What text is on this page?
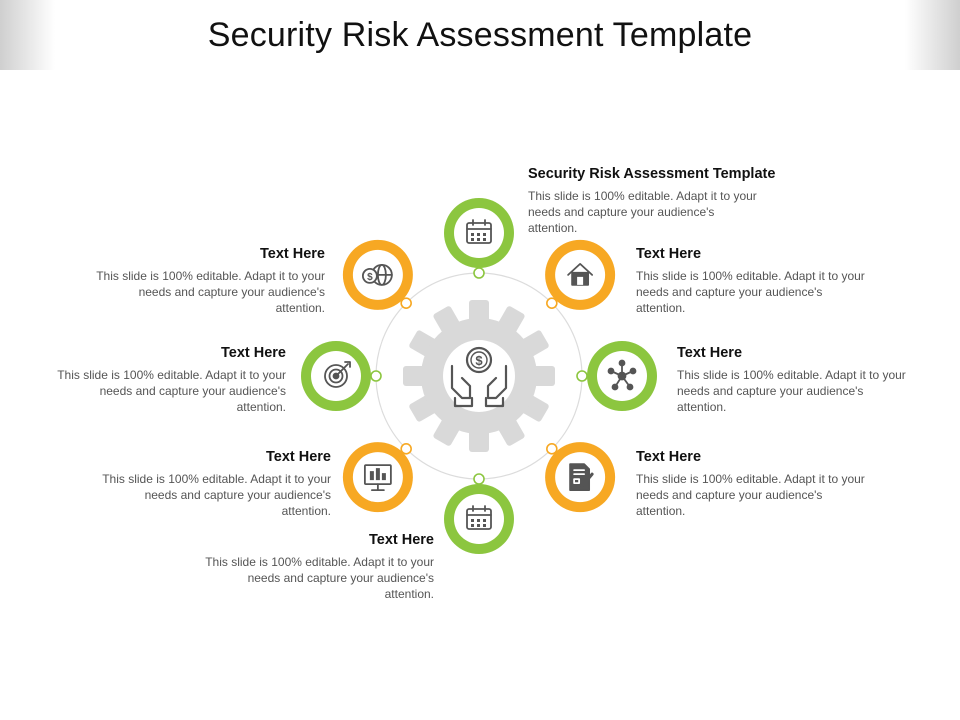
Security Risk Assessment Template
$
$
Security Risk Assessment Template
This slide is 100% editable. Adapt it to your needs and capture your audience's attention.
Text Here
This slide is 100% editable. Adapt it to your needs and capture your audience's attention.
Text Here
This slide is 100% editable. Adapt it to your needs and capture your audience's attention.
Text Here
This slide is 100% editable. Adapt it to your needs and capture your audience's attention.
Text Here
This slide is 100% editable. Adapt it to your needs and capture your audience's attention.
Text Here
This slide is 100% editable. Adapt it to your needs and capture your audience's attention.
Text Here
This slide is 100% editable. Adapt it to your needs and capture your audience's attention.
Text Here
This slide is 100% editable. Adapt it to your needs and capture your audience's attention.
